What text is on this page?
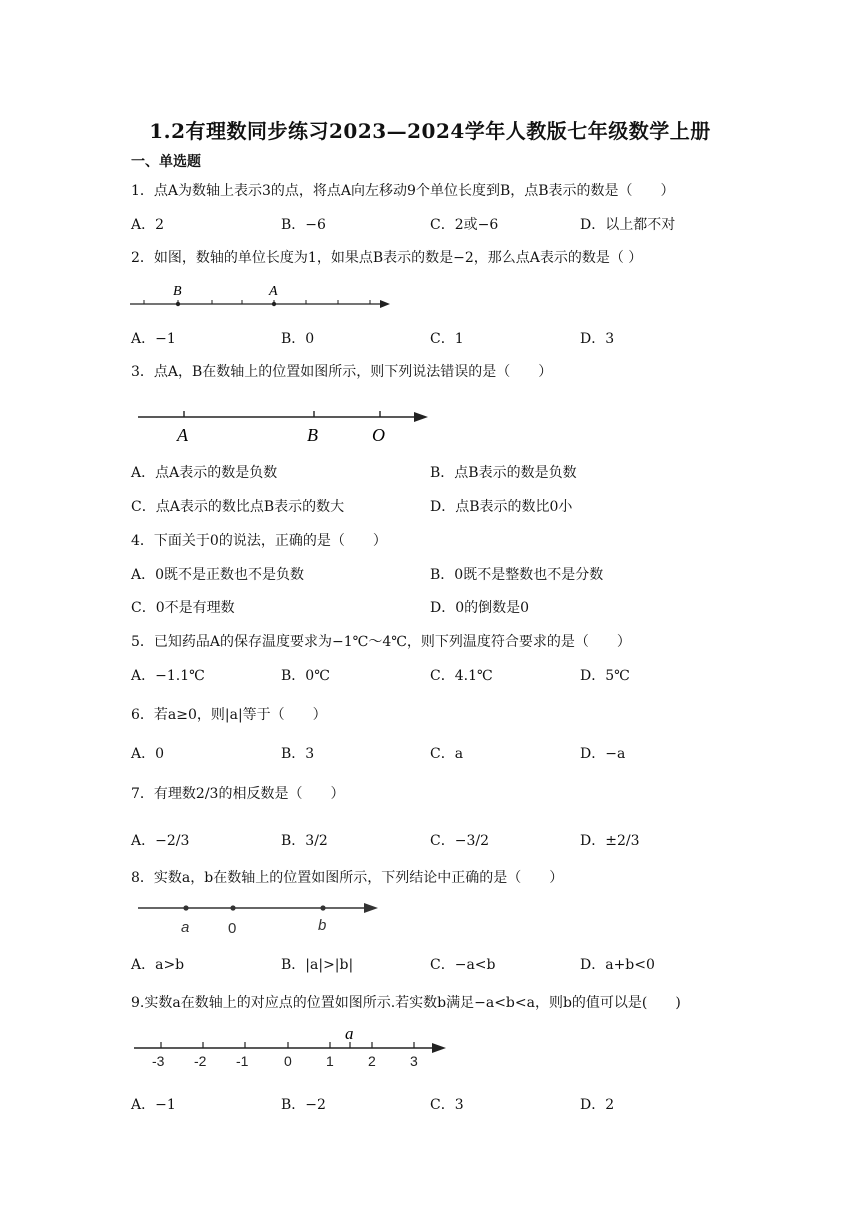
1.2有理数同步练习2023—2024学年人教版七年级数学上册
一、单选题
1．点A为数轴上表示3的点，将点A向左移动9个单位长度到B，点B表示的数是（　　）
A．2	B．−6	C．2或−6	D．以上都不对
2．如图，数轴的单位长度为1，如果点B表示的数是−2，那么点A表示的数是（ ）
B	A
A．−1	B．0	C．1	D．3
3．点A，B在数轴上的位置如图所示，则下列说法错误的是（　　）
A	B	O
A．点A表示的数是负数	B．点B表示的数是负数
C．点A表示的数比点B表示的数大	D．点B表示的数比0小
4．下面关于0的说法，正确的是（　　）
A．0既不是正数也不是负数	B．0既不是整数也不是分数
C．0不是有理数	D．0的倒数是0
5．已知药品A的保存温度要求为−1℃～4℃，则下列温度符合要求的是（　　）
A．−1.1℃	B．0℃	C．4.1℃	D．5℃
6．若a≥0，则|a|等于（　　）
A．0	B．3	C．a	D．−a
7．有理数2/3的相反数是（　　）
A．−2/3	B．3/2	C．−3/2	D．±2/3
8．实数a，b在数轴上的位置如图所示，下列结论中正确的是（　　）
a	0	b
A．a>b	B．|a|>|b|	C．−a<b	D．a+b<0
9.实数a在数轴上的对应点的位置如图所示.若实数b满足−a<b<a，则b的值可以是(　　)
-3 -2 -1	0 1 2 3
a
A．−1	B．−2	C．3	D．2
